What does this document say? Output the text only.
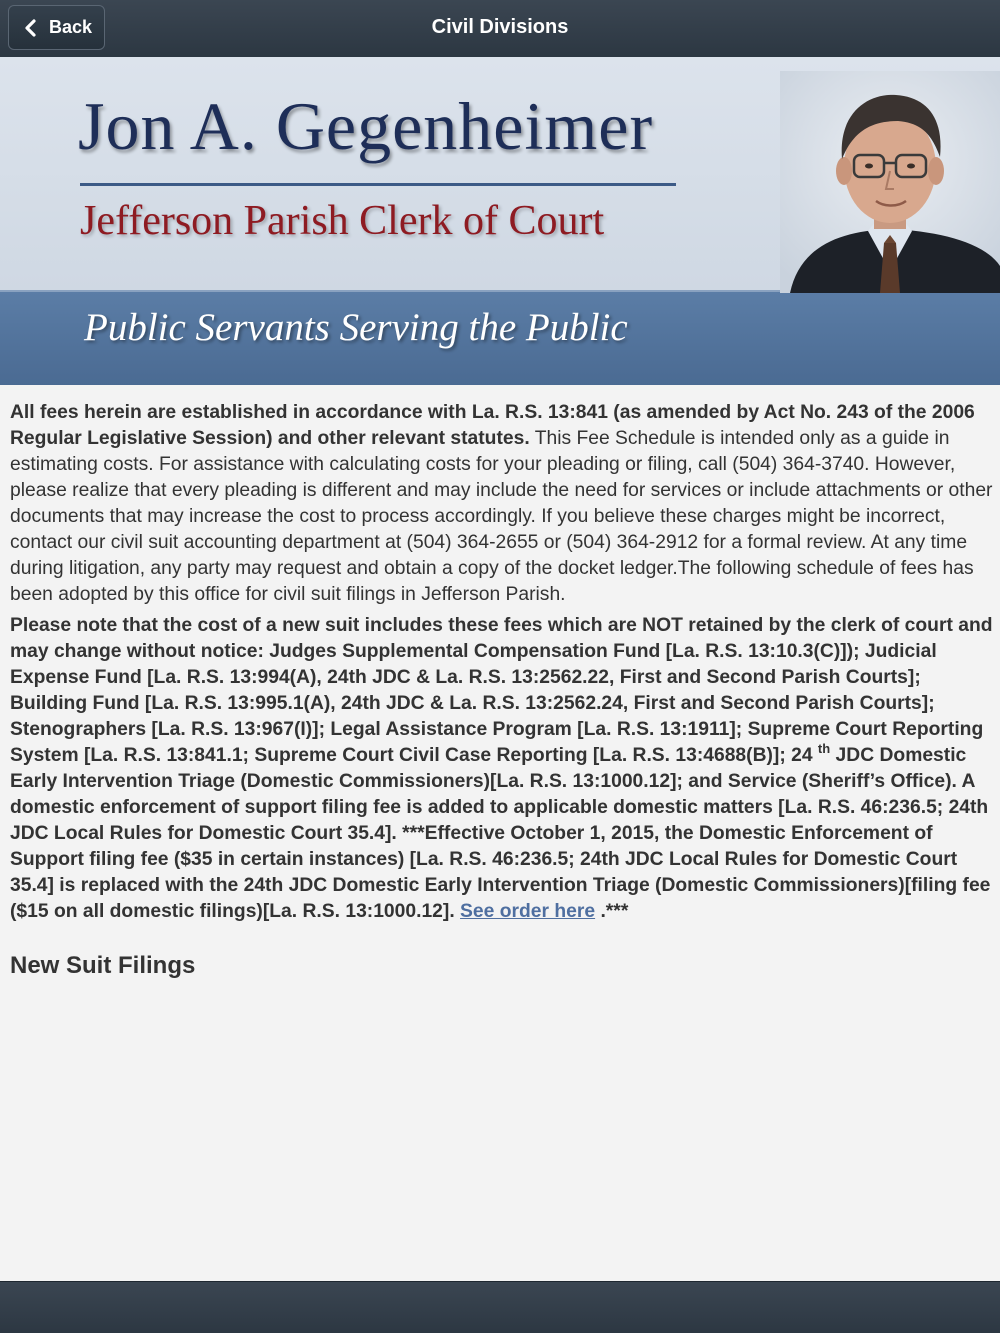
Back	Civil Divisions
Jon A. Gegenheimer
Jefferson Parish Clerk of Court
Public Servants Serving the Public

All fees herein are established in accordance with La. R.S. 13:841 (as amended by Act No. 243 of the 2006 Regular Legislative Session) and other relevant statutes. This Fee Schedule is intended only as a guide in estimating costs. For assistance with calculating costs for your pleading or filing, call (504) 364-3740. However, please realize that every pleading is different and may include the need for services or include attachments or other documents that may increase the cost to process accordingly. If you believe these charges might be incorrect, contact our civil suit accounting department at (504) 364-2655 or (504) 364-2912 for a formal review. At any time during litigation, any party may request and obtain a copy of the docket ledger.The following schedule of fees has been adopted by this office for civil suit filings in Jefferson Parish.

Please note that the cost of a new suit includes these fees which are NOT retained by the clerk of court and may change without notice: Judges Supplemental Compensation Fund [La. R.S. 13:10.3(C)]); Judicial Expense Fund [La. R.S. 13:994(A), 24th JDC & La. R.S. 13:2562.22, First and Second Parish Courts]; Building Fund [La. R.S. 13:995.1(A), 24th JDC & La. R.S. 13:2562.24, First and Second Parish Courts]; Stenographers [La. R.S. 13:967(I)]; Legal Assistance Program [La. R.S. 13:1911]; Supreme Court Reporting System [La. R.S. 13:841.1; Supreme Court Civil Case Reporting [La. R.S. 13:4688(B)]; 24 $^{th}$ JDC Domestic Early Intervention Triage (Domestic Commissioners)[La. R.S. 13:1000.12]; and Service (Sheriff’s Office). A domestic enforcement of support filing fee is added to applicable domestic matters [La. R.S. 46:236.5; 24th JDC Local Rules for Domestic Court 35.4]. ***Effective October 1, 2015, the Domestic Enforcement of Support filing fee ($35 in certain instances) [La. R.S. 46:236.5; 24th JDC Local Rules for Domestic Court 35.4] is replaced with the 24th JDC Domestic Early Intervention Triage (Domestic Commissioners)[filing fee ($15 on all domestic filings)[La. R.S. 13:1000.12]. See order here .***

New Suit Filings
